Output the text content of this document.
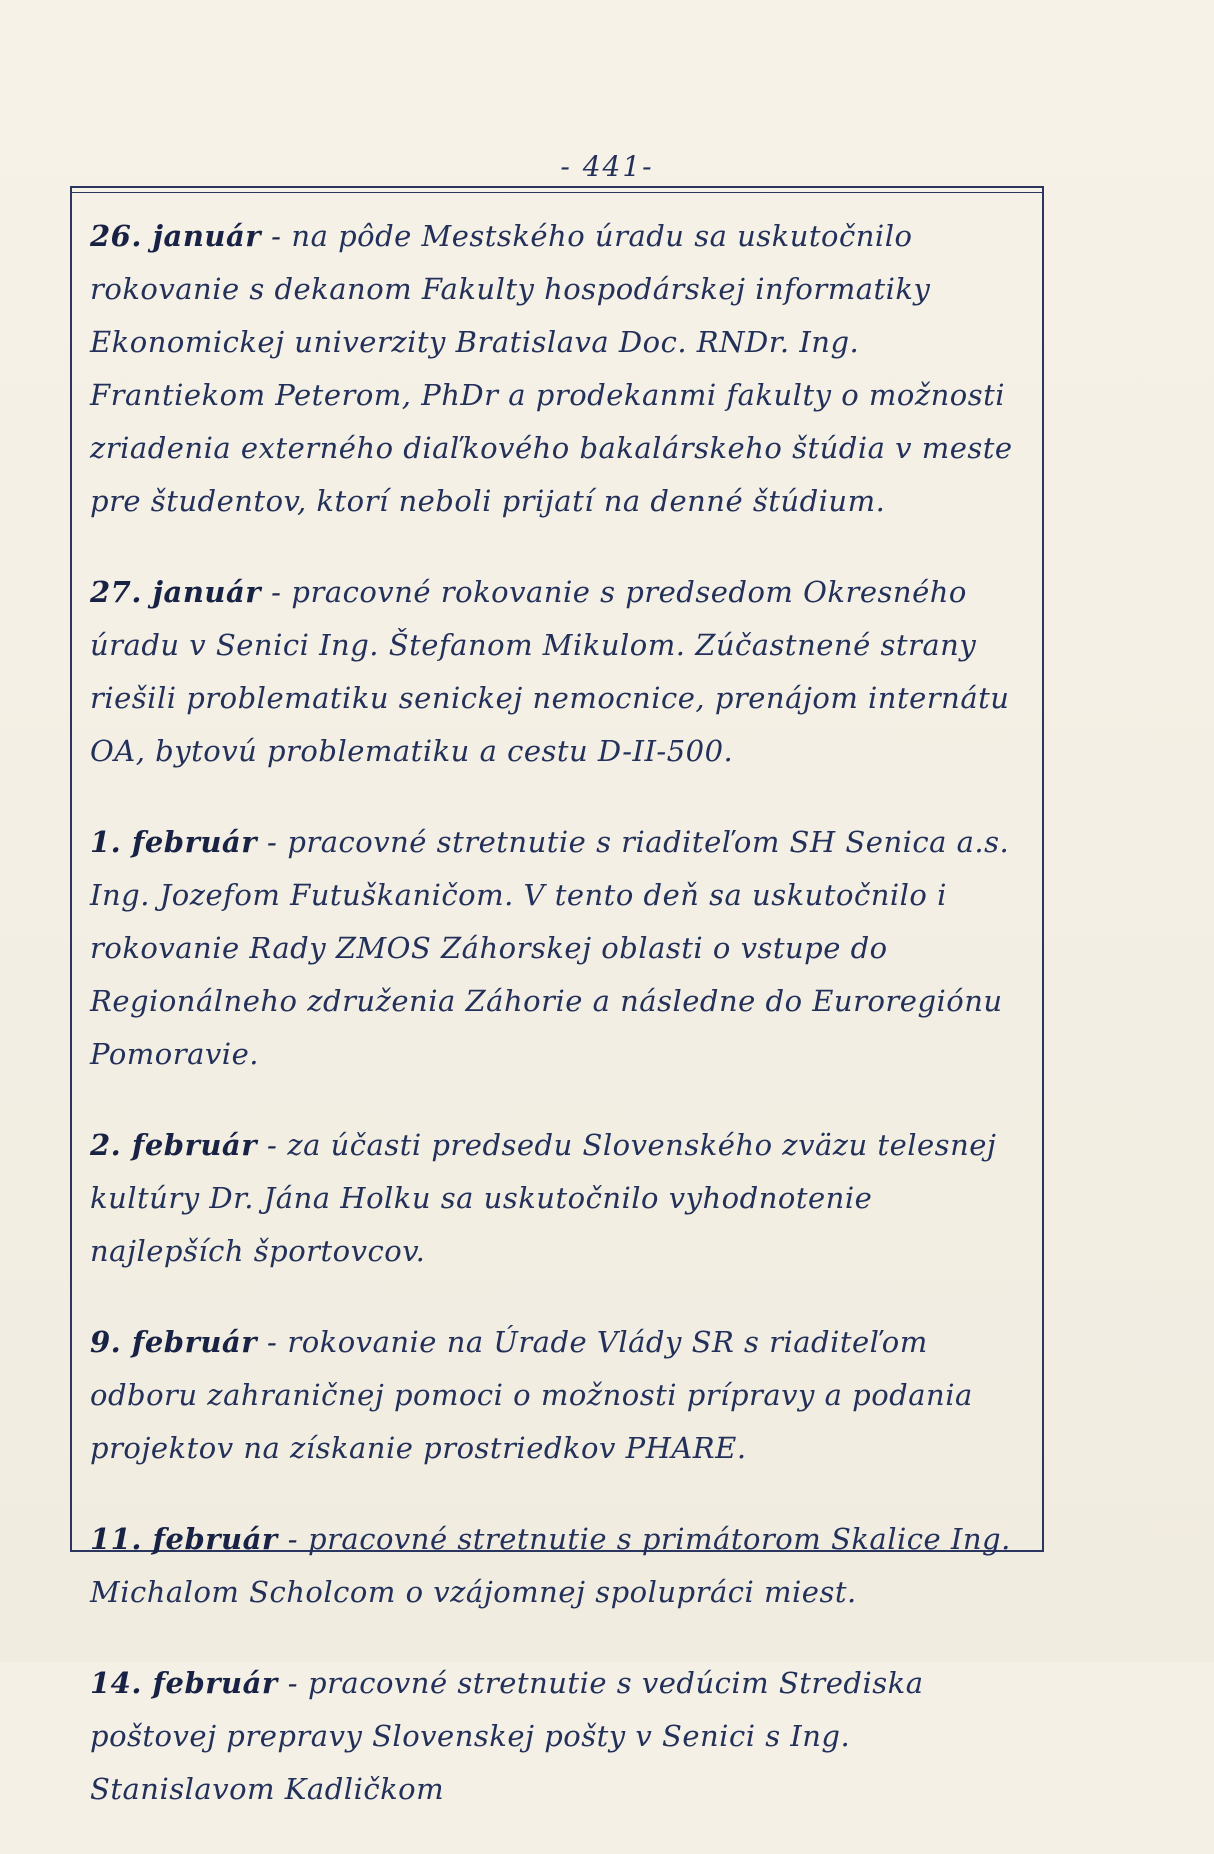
- 441-

26. január - na pôde Mestského úradu sa uskutočnilo rokovanie s dekanom Fakulty hospodárskej informatiky Ekonomickej univerzity Bratislava Doc. RNDr. Ing. Frantiekom Peterom, PhDr a prodekanmi fakulty o možnosti zriadenia externého diaľkového bakalárskeho štúdia v meste pre študentov, ktorí neboli prijatí na denné štúdium.

27. január - pracovné rokovanie s predsedom Okresného úradu v Senici Ing. Štefanom Mikulom. Zúčastnené strany riešili problematiku senickej nemocnice, prenájom internátu OA, bytovú problematiku a cestu D-II-500.

1. február - pracovné stretnutie s riaditeľom SH Senica a.s. Ing. Jozefom Futuškaničom. V tento deň sa uskutočnilo i rokovanie Rady ZMOS Záhorskej oblasti o vstupe do Regionálneho združenia Záhorie a následne do Euroregiónu Pomoravie.

2. február - za účasti predsedu Slovenského zväzu telesnej kultúry Dr. Jána Holku sa uskutočnilo vyhodnotenie najlepších športovcov.

9. február - rokovanie na Úrade Vlády SR s riaditeľom odboru zahraničnej pomoci o možnosti prípravy a podania projektov na získanie prostriedkov PHARE.

11. február - pracovné stretnutie s primátorom Skalice Ing. Michalom Scholcom o vzájomnej spolupráci miest.

14. február - pracovné stretnutie s vedúcim Strediska poštovej prepravy Slovenskej pošty v Senici s Ing. Stanislavom Kadličkom
